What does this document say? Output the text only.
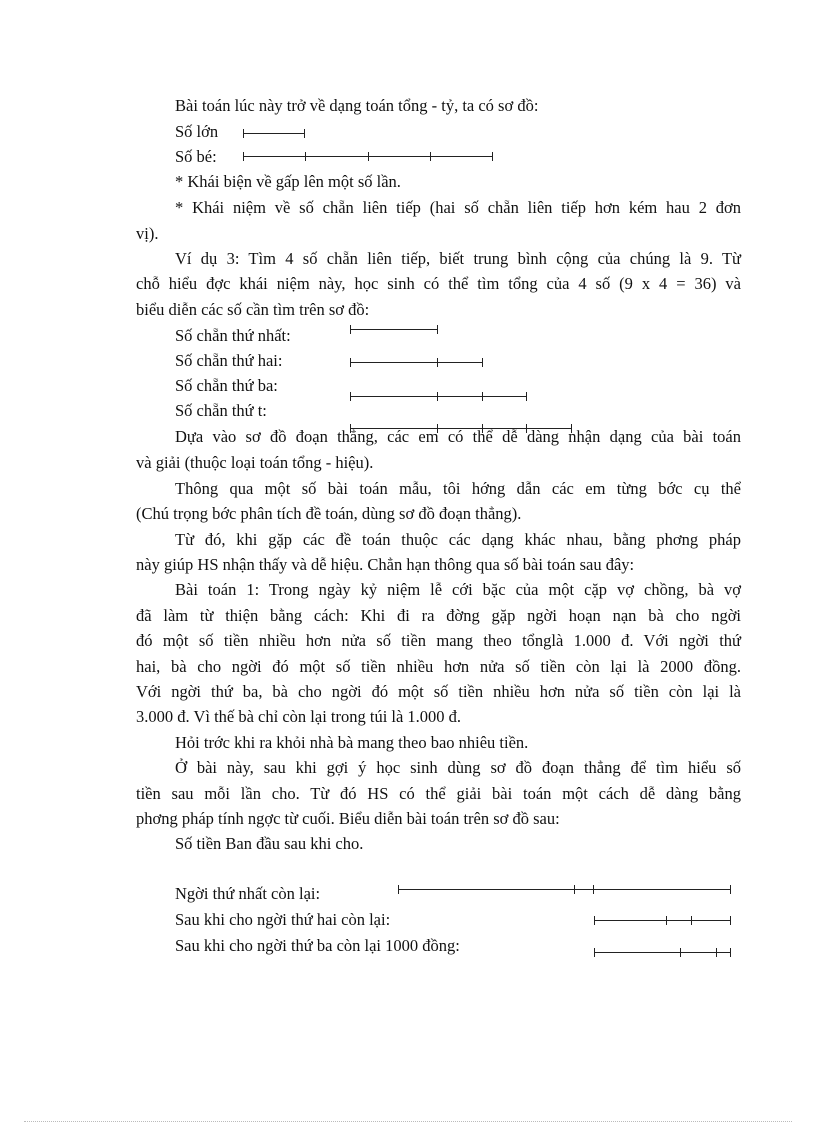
Bài toán lúc này trở về dạng toán tổng - tỷ, ta có sơ đồ:
Số lớn
Số bé:
* Khái biện về gấp lên một số lần.
* Khái niệm về số chẵn liên tiếp (hai số chẵn liên tiếp hơn kém hau 2 đơn
vị).
Ví dụ 3: Tìm 4 số chẵn liên tiếp, biết trung bình cộng của chúng là 9. Từ
chỗ hiểu đợc khái niệm này, học sinh có thể tìm tổng của 4 số (9 x 4 = 36) và
biểu diễn các số cần tìm trên sơ đồ:
Số chẵn thứ nhất:
Số chẵn thứ hai:
Số chẵn thứ ba:
Số chẵn thứ t:
Dựa vào sơ đồ đoạn thẳng, các em có thể dễ dàng nhận dạng của bài toán
và giải (thuộc loại toán tổng - hiệu).
Thông qua một số bài toán mẫu, tôi hớng dẫn các em từng bớc cụ thể
(Chú trọng bớc phân tích đề toán, dùng sơ đồ đoạn thẳng).
Từ đó, khi gặp các đề toán thuộc các dạng khác nhau, bằng phơng pháp
này giúp HS nhận thấy và dễ hiệu. Chẳn hạn thông qua số bài toán sau đây:
Bài toán 1: Trong ngày kỷ niệm lễ cới bặc của một cặp vợ chồng, bà vợ
đã làm từ thiện bằng cách: Khi đi ra đờng gặp ngời hoạn nạn bà cho ngời
đó một số tiền nhiều hơn nửa số tiền mang theo tổnglà 1.000 đ. Với ngời thứ
hai, bà cho ngời đó một số tiền nhiều hơn nửa số tiền còn lại là 2000 đồng.
Với ngời thứ ba, bà cho ngời đó một số tiền nhiều hơn nửa số tiền còn lại là
3.000 đ. Vì thế bà chỉ còn lại trong túi là 1.000 đ.
Hỏi trớc khi ra khỏi nhà bà mang theo bao nhiêu tiền.
Ở bài này, sau khi gợi ý học sinh dùng sơ đồ đoạn thẳng để tìm hiểu số
tiền sau mỗi lần cho. Từ đó HS có thể giải bài toán một cách dễ dàng bằng
phơng pháp tính ngợc từ cuối. Biểu diễn bài toán trên sơ đồ sau:
Số tiền Ban đầu sau khi cho.
Ngời thứ nhất còn lại:
Sau khi cho ngời thứ hai còn lại:
Sau khi cho ngời thứ ba còn lại 1000 đồng:
